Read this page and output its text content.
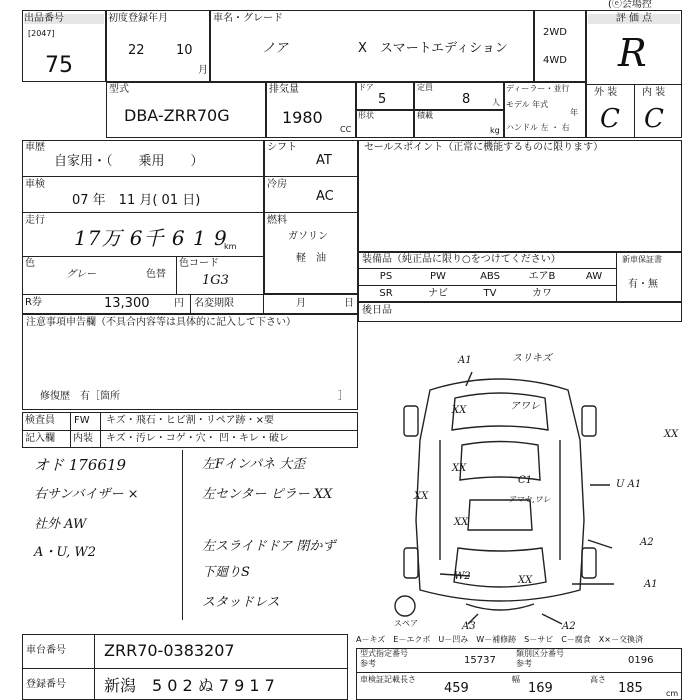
出品番号
[2047]
75
初度登録年月
22 10
月
車名・グレード
ノア	X　スマートエディション
2WD
4WD
(ⓔ会場控
評 価 点
R
外 装 内 装
C C
型式
DBA-ZRR70G
排気量
1980
CC
ドア
5
定員
8	人
形状	積載
kg
ディーラー・並行
モデル 年式
年
ハンドル 左 ・ 右
車歴
自家用・（　　乗用　　）
車検
07 年　11 月( 01 日)
走行
17万 6千 6 1 9
km
色
グレー	色替
色コード
1G3
R券	13,300 円 名変期限	月	日
シフト
AT
冷房
AC
燃料
ガソリン
軽　油
セールスポイント（正常に機能するものに限ります）
装備品（純正品に限り○をつけてください）	新車保証書
有・無
PS	PW	ABS	エアB	AW
SR	ナビ	TV	カワ
後日品
注意事項申告欄（不具合内容等は具体的に記入して下さい）
修復歴　有［箇所	］
検査員
記入欄
FW
内装
キズ・飛石・ヒビ割・リペア跡・×要
キズ・汚レ・コゲ・穴・ 凹・キレ・破レ
オド 176619
右サンバイザー ×
社外 AW
A・U, W2
左Fインパネ 大歪
左センター ピラー XX
左スライドドア 閉かず
下廻りS
スタッドレス
A1	スリキズ
XX	アワレ
XX
C1
アマセ,ワレ
XX
XX
U A1
A2
W2	XX	A1
A3	A2
XX
スペア
A－キズ　E－エクボ　U－凹み　W－補修跡　S－サビ　C－腐食　X×－交換済
車台番号 ZRR70-0383207
登録番号 新潟　5 0 2 ぬ 7 9 1 7
型式指定番号
参考	15737
類別区分番号
参考	0196
車検証記載 長さ
459
幅
169
高さ
185	cm
